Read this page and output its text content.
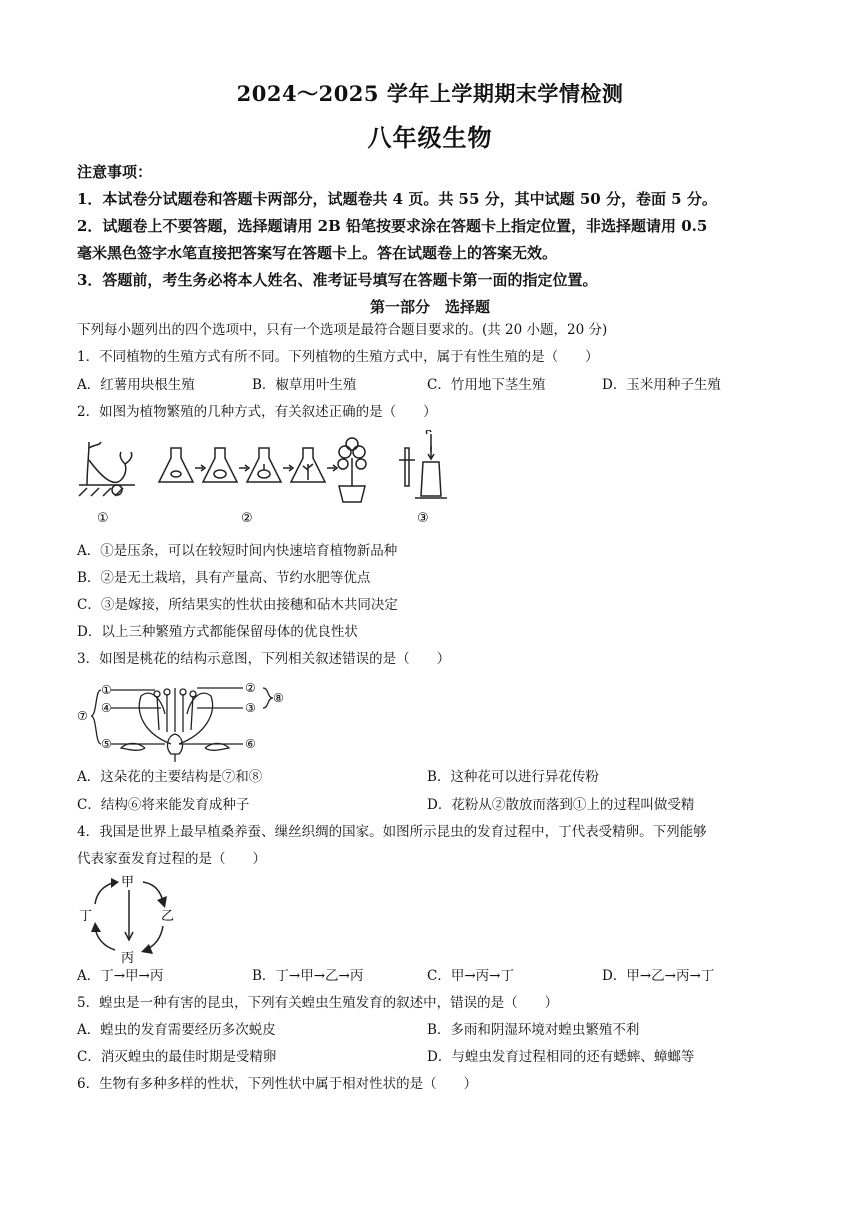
2024～2025 学年上学期期末学情检测
八年级生物
注意事项：
1．本试卷分试题卷和答题卡两部分，试题卷共 4 页。共 55 分，其中试题 50 分，卷面 5 分。
2．试题卷上不要答题，选择题请用 2B 铅笔按要求涂在答题卡上指定位置，非选择题请用 0.5
毫米黑色签字水笔直接把答案写在答题卡上。答在试题卷上的答案无效。
3．答题前，考生务必将本人姓名、准考证号填写在答题卡第一面的指定位置。
第一部分　选择题
下列每小题列出的四个选项中，只有一个选项是最符合题目要求的。(共 20 小题，20 分)
1．不同植物的生殖方式有所不同。下列植物的生殖方式中，属于有性生殖的是（　　）
A．红薯用块根生殖	B．椒草用叶生殖	C．竹用地下茎生殖	D．玉米用种子生殖
2．如图为植物繁殖的几种方式，有关叙述正确的是（　　）
①	②	③
A．①是压条，可以在较短时间内快速培育植物新品种
B．②是无土栽培，具有产量高、节约水肥等优点
C．③是嫁接，所结果实的性状由接穗和砧木共同决定
D．以上三种繁殖方式都能保留母体的优良性状
3．如图是桃花的结构示意图，下列相关叙述错误的是（　　）
①	②
③
④
⑤	⑥
⑦
⑧
A．这朵花的主要结构是⑦和⑧	B．这种花可以进行异花传粉
C．结构⑥将来能发育成种子	D．花粉从②散放而落到①上的过程叫做受精
4．我国是世界上最早植桑养蚕、缫丝织绸的国家。如图所示昆虫的发育过程中，丁代表受精卵。下列能够
代表家蚕发育过程的是（　　）
甲
乙
丙
丁
A．丁→甲→丙	B．丁→甲→乙→丙	C．甲→丙→丁	D．甲→乙→丙→丁
5．蝗虫是一种有害的昆虫，下列有关蝗虫生殖发育的叙述中，错误的是（　　）
A．蝗虫的发育需要经历多次蜕皮	B．多雨和阴湿环境对蝗虫繁殖不利
C．消灭蝗虫的最佳时期是受精卵	D．与蝗虫发育过程相同的还有蟋蟀、蟑螂等
6．生物有多种多样的性状，下列性状中属于相对性状的是（　　）
